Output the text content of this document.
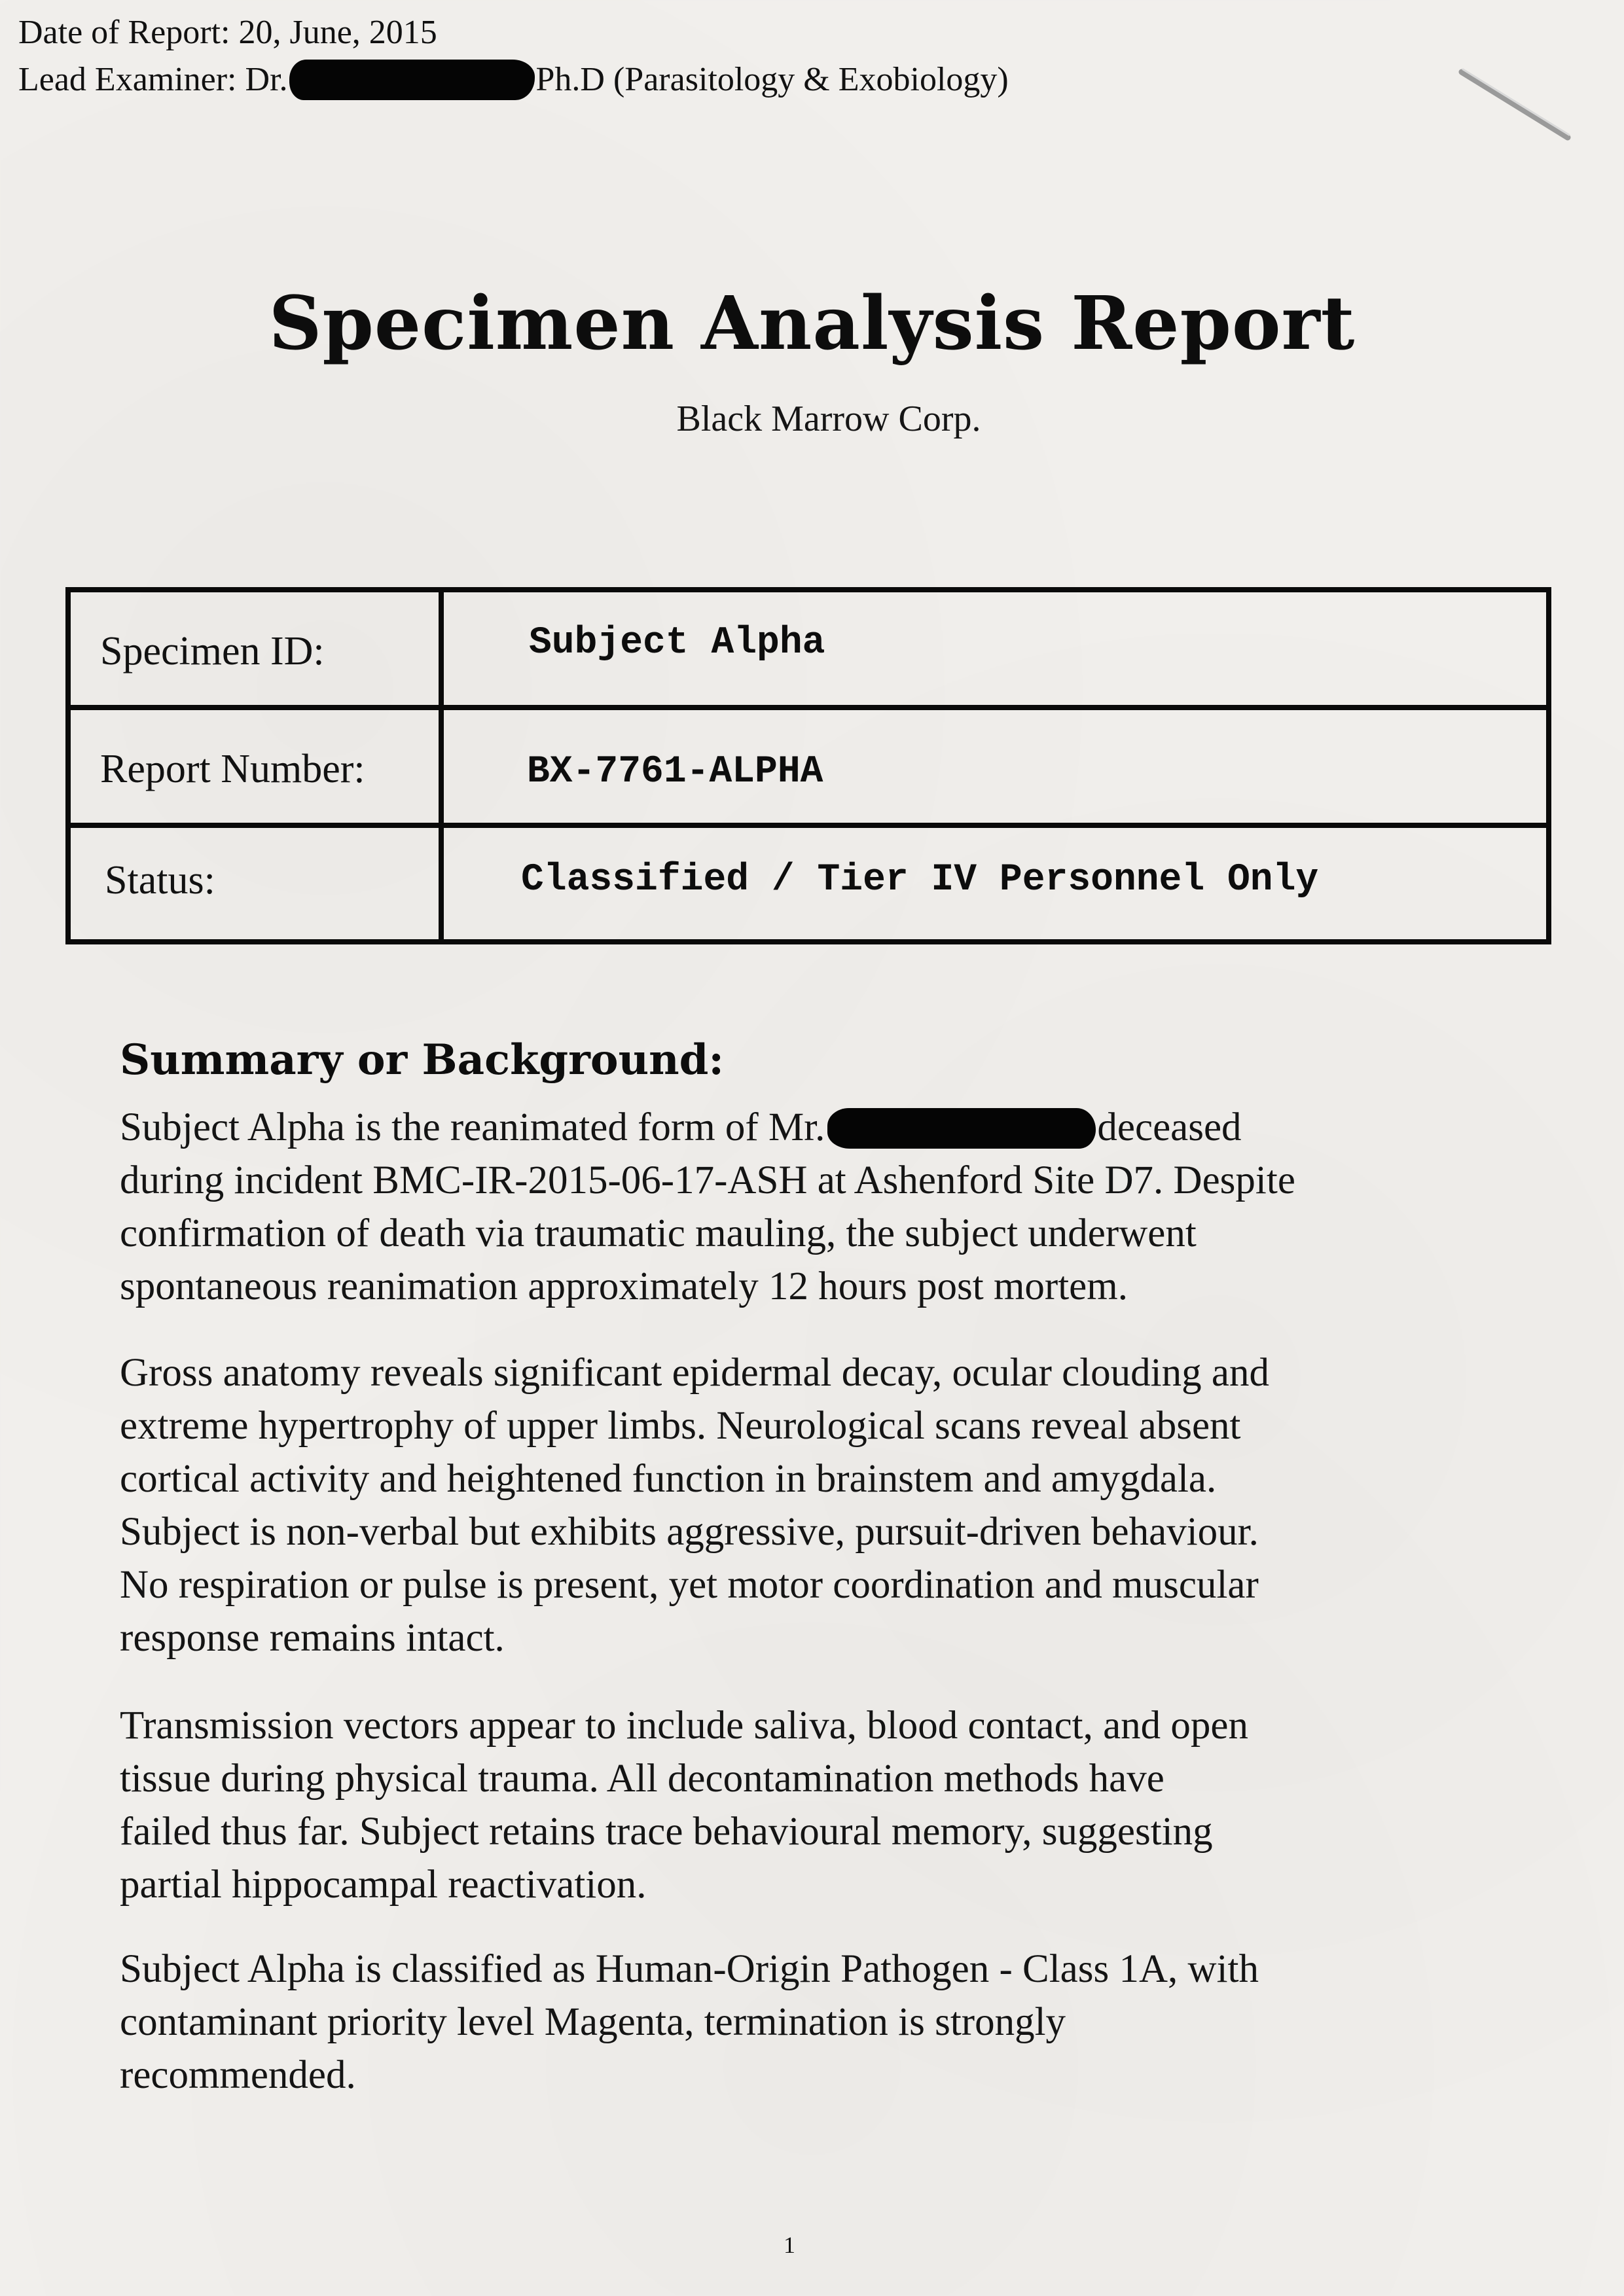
Date of Report: 20, June, 2015
Lead Examiner: Dr.	Ph.D (Parasitology & Exobiology)
Specimen Analysis Report
Black Marrow Corp.
Specimen ID:	Subject Alpha
Report Number:	BX-7761-ALPHA
Status:	Classified / Tier IV Personnel Only
Summary or Background:

Subject Alpha is the reanimated form of Mr.	deceased
during incident BMC-IR-2015-06-17-ASH at Ashenford Site D7. Despite
confirmation of death via traumatic mauling, the subject underwent
spontaneous reanimation approximately 12 hours post mortem.

Gross anatomy reveals significant epidermal decay, ocular clouding and
extreme hypertrophy of upper limbs. Neurological scans reveal absent
cortical activity and heightened function in brainstem and amygdala.
Subject is non-verbal but exhibits aggressive, pursuit-driven behaviour.
No respiration or pulse is present, yet motor coordination and muscular
response remains intact.

Transmission vectors appear to include saliva, blood contact, and open
tissue during physical trauma. All decontamination methods have
failed thus far. Subject retains trace behavioural memory, suggesting
partial hippocampal reactivation.

Subject Alpha is classified as Human-Origin Pathogen - Class 1A, with
contaminant priority level Magenta, termination is strongly
recommended.

1
